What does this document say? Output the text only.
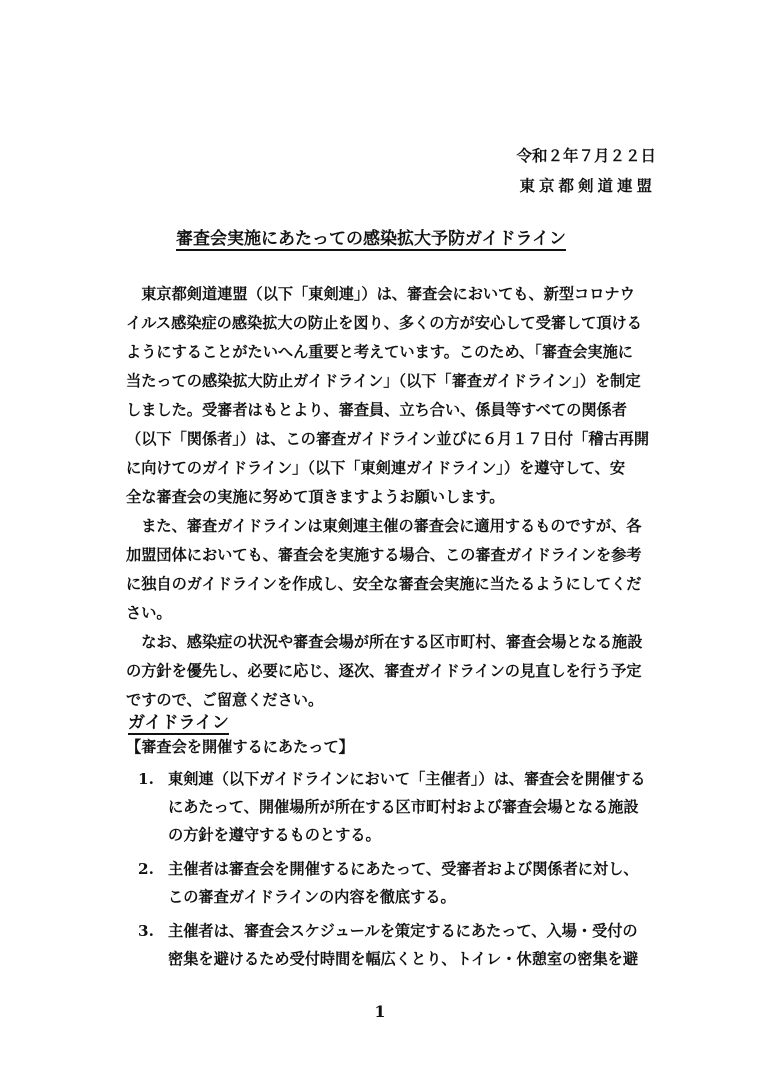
令和２年７月２２日
東京都剣道連盟
審査会実施にあたっての感染拡大予防ガイドライン
　東京都剣道連盟（以下「東剣連」）は、審査会においても、新型コロナウ
イルス感染症の感染拡大の防止を図り、多くの方が安心して受審して頂ける
ようにすることがたいへん重要と考えています。このため、「審査会実施に
当たっての感染拡大防止ガイドライン」（以下「審査ガイドライン」）を制定
しました。受審者はもとより、審査員、立ち合い、係員等すべての関係者
（以下「関係者」）は、この審査ガイドライン並びに６月１７日付「稽古再開
に向けてのガイドライン」（以下「東剣連ガイドライン」）を遵守して、安
全な審査会の実施に努めて頂きますようお願いします。
　また、審査ガイドラインは東剣連主催の審査会に適用するものですが、各
加盟団体においても、審査会を実施する場合、この審査ガイドラインを参考
に独自のガイドラインを作成し、安全な審査会実施に当たるようにしてくだ
さい。
　なお、感染症の状況や審査会場が所在する区市町村、審査会場となる施設
の方針を優先し、必要に応じ、逐次、審査ガイドラインの見直しを行う予定
ですので、ご留意ください。
ガイドライン
【審査会を開催するにあたって】
1. 東剣連（以下ガイドラインにおいて「主催者」）は、審査会を開催する
にあたって、開催場所が所在する区市町村および審査会場となる施設
の方針を遵守するものとする。
2. 主催者は審査会を開催するにあたって、受審者および関係者に対し、
この審査ガイドラインの内容を徹底する。
3. 主催者は、審査会スケジュールを策定するにあたって、入場・受付の
密集を避けるため受付時間を幅広くとり、トイレ・休憩室の密集を避
1
